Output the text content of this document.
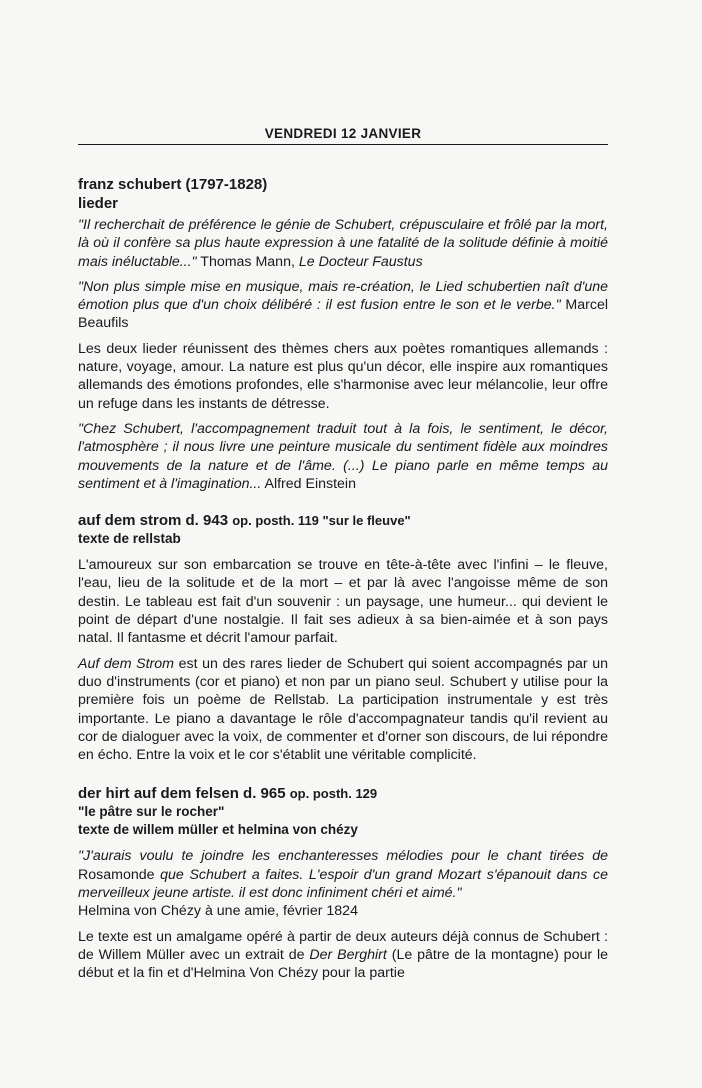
VENDREDI 12 JANVIER
franz schubert (1797-1828)
lieder

"Il recherchait de préférence le génie de Schubert, crépusculaire et frôlé par la mort, là où il confère sa plus haute expression à une fatalité de la solitude définie à moitié mais inéluctable..." Thomas Mann, Le Docteur Faustus

"Non plus simple mise en musique, mais re-création, le Lied schubertien naît d'une émotion plus que d'un choix délibéré : il est fusion entre le son et le verbe." Marcel Beaufils

Les deux lieder réunissent des thèmes chers aux poètes romantiques allemands : nature, voyage, amour. La nature est plus qu'un décor, elle inspire aux romantiques allemands des émotions profondes, elle s'harmonise avec leur mélancolie, leur offre un refuge dans les instants de détresse.

"Chez Schubert, l'accompagnement traduit tout à la fois, le sentiment, le décor, l'atmosphère ; il nous livre une peinture musicale du sentiment fidèle aux moindres mouvements de la nature et de l'âme. (...) Le piano parle en même temps au sentiment et à l'imagination... Alfred Einstein

auf dem strom d. 943 op. posth. 119 "sur le fleuve"
texte de rellstab

L'amoureux sur son embarcation se trouve en tête-à-tête avec l'infini – le fleuve, l'eau, lieu de la solitude et de la mort – et par là avec l'angoisse même de son destin. Le tableau est fait d'un souvenir : un paysage, une humeur... qui devient le point de départ d'une nostalgie. Il fait ses adieux à sa bien-aimée et à son pays natal. Il fantasme et décrit l'amour parfait.

Auf dem Strom est un des rares lieder de Schubert qui soient accompagnés par un duo d'instruments (cor et piano) et non par un piano seul. Schubert y utilise pour la première fois un poème de Rellstab. La participation instrumentale y est très importante. Le piano a davantage le rôle d'accompagnateur tandis qu'il revient au cor de dialoguer avec la voix, de commenter et d'orner son discours, de lui répondre en écho. Entre la voix et le cor s'établit une véritable complicité.

der hirt auf dem felsen d. 965 op. posth. 129
"le pâtre sur le rocher"
texte de willem müller et helmina von chézy

"J'aurais voulu te joindre les enchanteresses mélodies pour le chant tirées de Rosamonde que Schubert a faites. L'espoir d'un grand Mozart s'épanouit dans ce merveilleux jeune artiste. il est donc infiniment chéri et aimé."
Helmina von Chézy à une amie, février 1824

Le texte est un amalgame opéré à partir de deux auteurs déjà connus de Schubert : de Willem Müller avec un extrait de Der Berghirt (Le pâtre de la montagne) pour le début et la fin et d'Helmina Von Chézy pour la partie
